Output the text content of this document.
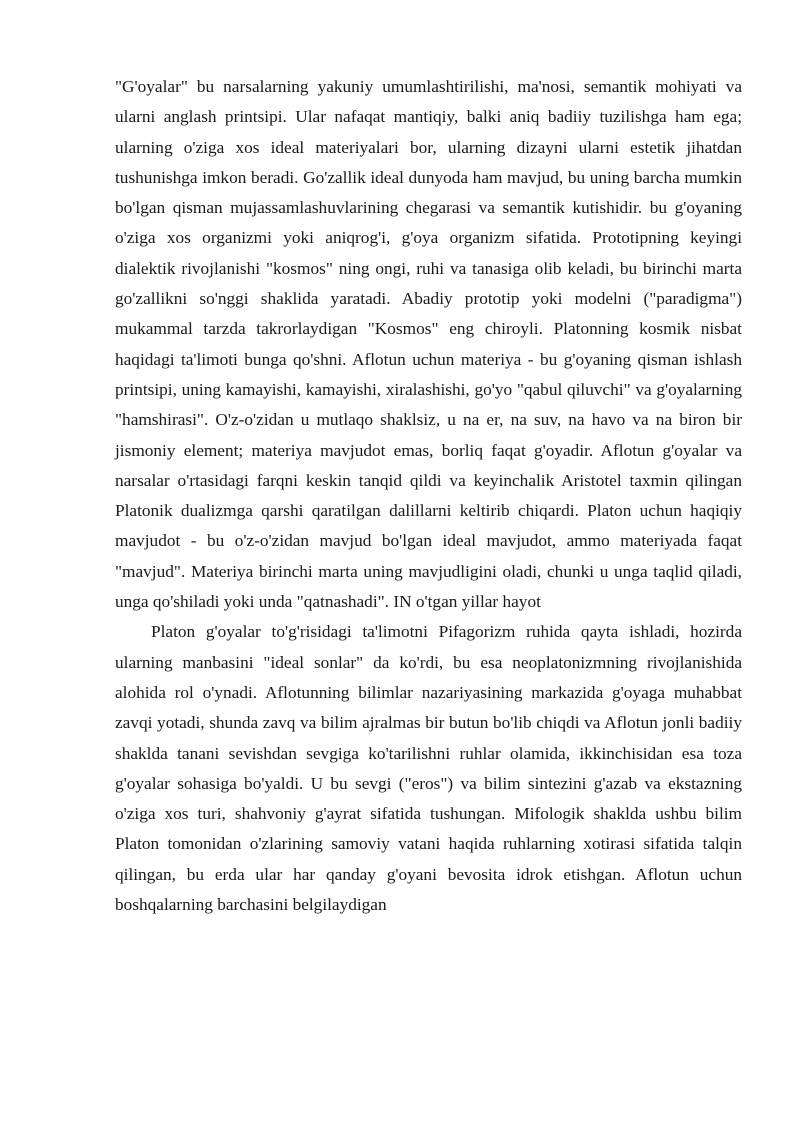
"G'oyalar" bu narsalarning yakuniy umumlashtirilishi, ma'nosi, semantik mohiyati va ularni anglash printsipi. Ular nafaqat mantiqiy, balki aniq badiiy tuzilishga ham ega; ularning o'ziga xos ideal materiyalari bor, ularning dizayni ularni estetik jihatdan tushunishga imkon beradi. Go'zallik ideal dunyoda ham mavjud, bu uning barcha mumkin bo'lgan qisman mujassamlashuvlarining chegarasi va semantik kutishidir. bu g'oyaning o'ziga xos organizmi yoki aniqrog'i, g'oya organizm sifatida. Prototipning keyingi dialektik rivojlanishi "kosmos" ning ongi, ruhi va tanasiga olib keladi, bu birinchi marta go'zallikni so'nggi shaklida yaratadi. Abadiy prototip yoki modelni ("paradigma") mukammal tarzda takrorlaydigan "Kosmos" eng chiroyli. Platonning kosmik nisbat haqidagi ta'limoti bunga qo'shni. Aflotun uchun materiya - bu g'oyaning qisman ishlash printsipi, uning kamayishi, kamayishi, xiralashishi, go'yo "qabul qiluvchi" va g'oyalarning "hamshirasi". O'z-o'zidan u mutlaqo shaklsiz, u na er, na suv, na havo va na biron bir jismoniy element; materiya mavjudot emas, borliq faqat g'oyadir. Aflotun g'oyalar va narsalar o'rtasidagi farqni keskin tanqid qildi va keyinchalik Aristotel taxmin qilingan Platonik dualizmga qarshi qaratilgan dalillarni keltirib chiqardi. Platon uchun haqiqiy mavjudot - bu o'z-o'zidan mavjud bo'lgan ideal mavjudot, ammo materiyada faqat "mavjud". Materiya birinchi marta uning mavjudligini oladi, chunki u unga taqlid qiladi, unga qo'shiladi yoki unda "qatnashadi". IN o'tgan yillar hayot

Platon g'oyalar to'g'risidagi ta'limotni Pifagorizm ruhida qayta ishladi, hozirda ularning manbasini "ideal sonlar" da ko'rdi, bu esa neoplatonizmning rivojlanishida alohida rol o'ynadi. Aflotunning bilimlar nazariyasining markazida g'oyaga muhabbat zavqi yotadi, shunda zavq va bilim ajralmas bir butun bo'lib chiqdi va Aflotun jonli badiiy shaklda tanani sevishdan sevgiga ko'tarilishni ruhlar olamida, ikkinchisidan esa toza g'oyalar sohasiga bo'yaldi. U bu sevgi ("eros") va bilim sintezini g'azab va ekstazning o'ziga xos turi, shahvoniy g'ayrat sifatida tushungan. Mifologik shaklda ushbu bilim Platon tomonidan o'zlarining samoviy vatani haqida ruhlarning xotirasi sifatida talqin qilingan, bu erda ular har qanday g'oyani bevosita idrok etishgan. Aflotun uchun boshqalarning barchasini belgilaydigan
